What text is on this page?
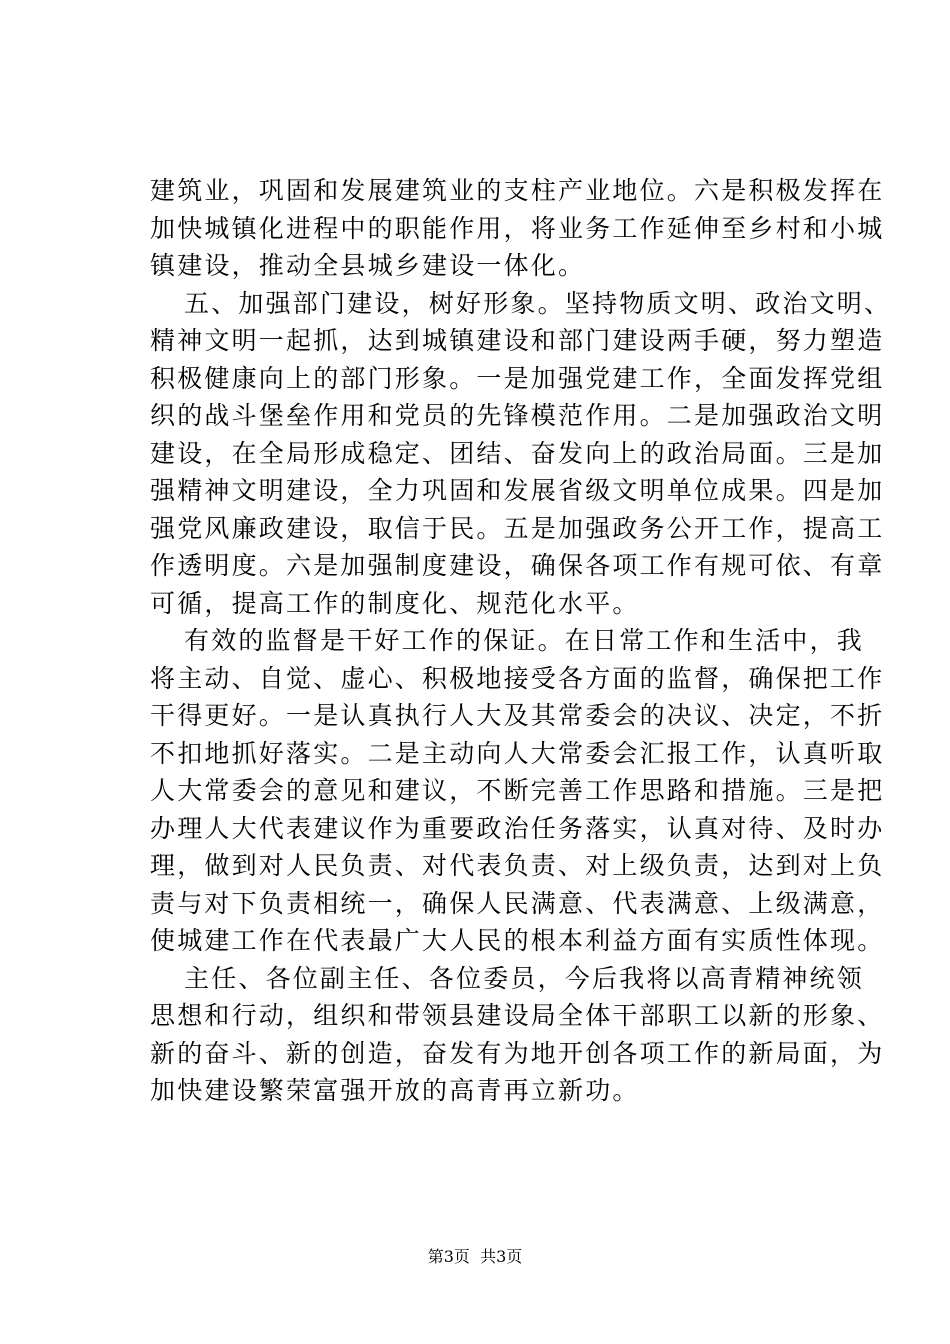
建筑业，巩固和发展建筑业的支柱产业地位。六是积极发挥在
加快城镇化进程中的职能作用，将业务工作延伸至乡村和小城
镇建设，推动全县城乡建设一体化。
五、加强部门建设，树好形象。坚持物质文明、政治文明、
精神文明一起抓，达到城镇建设和部门建设两手硬，努力塑造
积极健康向上的部门形象。一是加强党建工作，全面发挥党组
织的战斗堡垒作用和党员的先锋模范作用。二是加强政治文明
建设，在全局形成稳定、团结、奋发向上的政治局面。三是加
强精神文明建设，全力巩固和发展省级文明单位成果。四是加
强党风廉政建设，取信于民。五是加强政务公开工作，提高工
作透明度。六是加强制度建设，确保各项工作有规可依、有章
可循，提高工作的制度化、规范化水平。
有效的监督是干好工作的保证。在日常工作和生活中，我
将主动、自觉、虚心、积极地接受各方面的监督，确保把工作
干得更好。一是认真执行人大及其常委会的决议、决定，不折
不扣地抓好落实。二是主动向人大常委会汇报工作，认真听取
人大常委会的意见和建议，不断完善工作思路和措施。三是把
办理人大代表建议作为重要政治任务落实，认真对待、及时办
理，做到对人民负责、对代表负责、对上级负责，达到对上负
责与对下负责相统一，确保人民满意、代表满意、上级满意，
使城建工作在代表最广大人民的根本利益方面有实质性体现。
主任、各位副主任、各位委员，今后我将以高青精神统领
思想和行动，组织和带领县建设局全体干部职工以新的形象、
新的奋斗、新的创造，奋发有为地开创各项工作的新局面，为
加快建设繁荣富强开放的高青再立新功。
第3页 共3页
